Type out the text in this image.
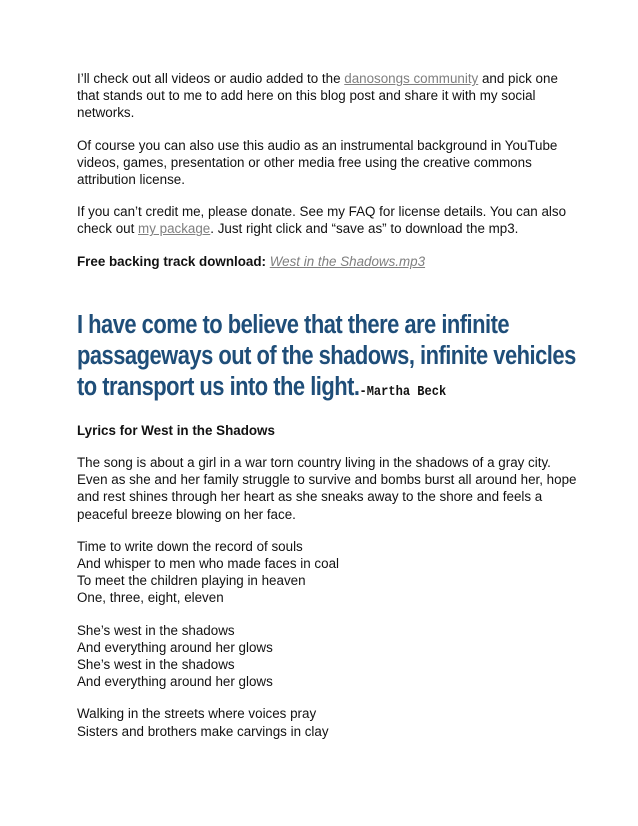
I’ll check out all videos or audio added to the danosongs community and pick one that stands out to me to add here on this blog post and share it with my social networks.

Of course you can also use this audio as an instrumental background in YouTube videos, games, presentation or other media free using the creative commons attribution license.

If you can’t credit me, please donate. See my FAQ for license details. You can also check out my package. Just right click and “save as” to download the mp3.

Free backing track download: West in the Shadows.mp3

I have come to believe that there are infinite passageways out of the shadows, infinite vehicles to transport us into the light.-Martha Beck

Lyrics for West in the Shadows

The song is about a girl in a war torn country living in the shadows of a gray city. Even as she and her family struggle to survive and bombs burst all around her, hope and rest shines through her heart as she sneaks away to the shore and feels a peaceful breeze blowing on her face.

Time to write down the record of souls
And whisper to men who made faces in coal
To meet the children playing in heaven
One, three, eight, eleven
She’s west in the shadows
And everything around her glows
She’s west in the shadows
And everything around her glows
Walking in the streets where voices pray
Sisters and brothers make carvings in clay
